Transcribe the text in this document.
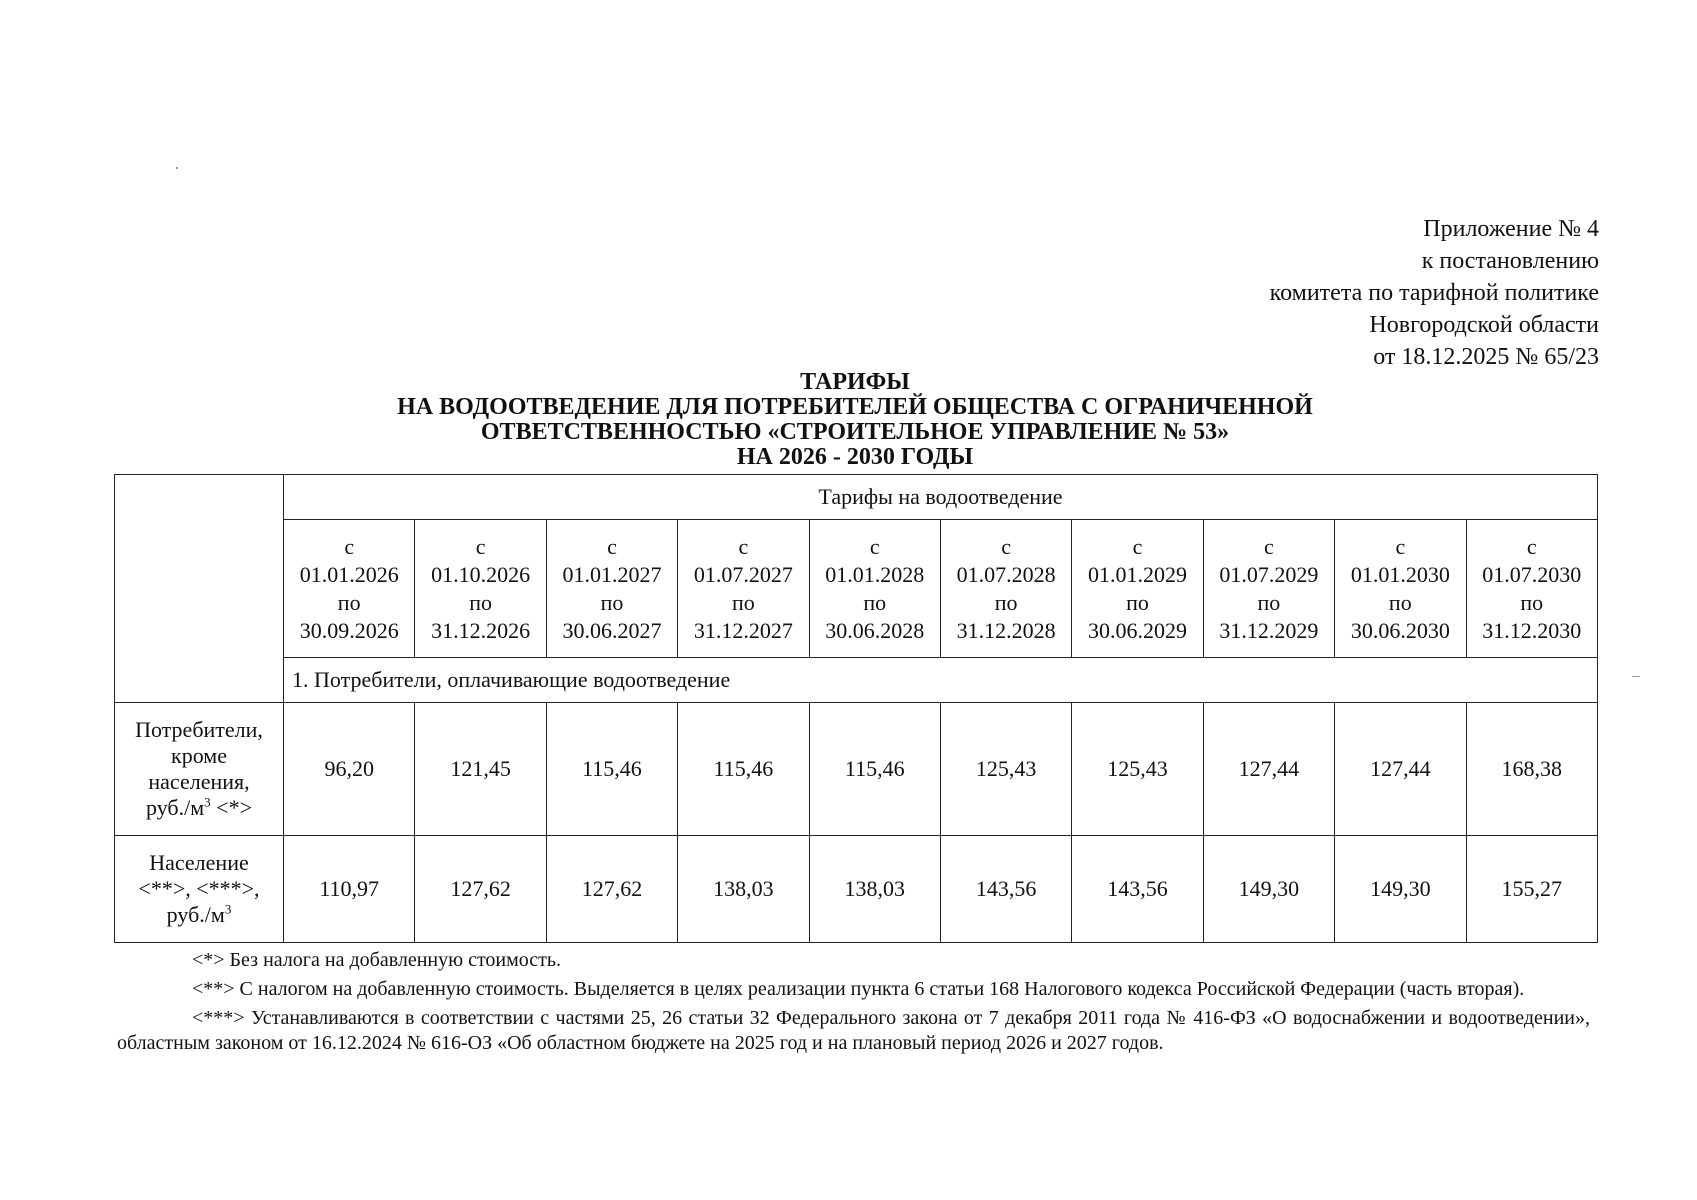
Приложение № 4
к постановлению
комитета по тарифной политике
Новгородской области
от 18.12.2025 № 65/23
ТАРИФЫ
НА ВОДООТВЕДЕНИЕ ДЛЯ ПОТРЕБИТЕЛЕЙ ОБЩЕСТВА С ОГРАНИЧЕННОЙ
ОТВЕТСТВЕННОСТЬЮ «СТРОИТЕЛЬНОЕ УПРАВЛЕНИЕ № 53»
НА 2026 - 2030 ГОДЫ
	Тарифы на водоотведение									

	с
01.01.2026
по
30.09.2026	с
01.10.2026
по
31.12.2026	с
01.01.2027
по
30.06.2027	с
01.07.2027
по
31.12.2027	с
01.01.2028
по
30.06.2028	с
01.07.2028
по
31.12.2028	с
01.01.2029
по
30.06.2029	с
01.07.2029
по
31.12.2029	с
01.01.2030
по
30.06.2030	с
01.07.2030
по
31.12.2030

	1. Потребители, оплачивающие водоотведение									

Потребители,
кроме
населения,
$руб./м^3$ <*>	96,20	121,45	115,46	115,46	115,46	125,43	125,43	127,44	127,44	168,38

Население
<**>, <***>,
$руб./м^3$	110,97	127,62	127,62	138,03	138,03	143,56	143,56	149,30	149,30	155,27

<*> Без налога на добавленную стоимость.

<**> С налогом на добавленную стоимость. Выделяется в целях реализации пункта 6 статьи 168 Налогового кодекса Российской Федерации (часть вторая).

<***> Устанавливаются в соответствии с частями 25, 26 статьи 32 Федерального закона от 7 декабря 2011 года № 416-ФЗ «О водоснабжении и водоотведении», областным законом от 16.12.2024 № 616-ОЗ «Об областном бюджете на 2025 год и на плановый период 2026 и 2027 годов.
